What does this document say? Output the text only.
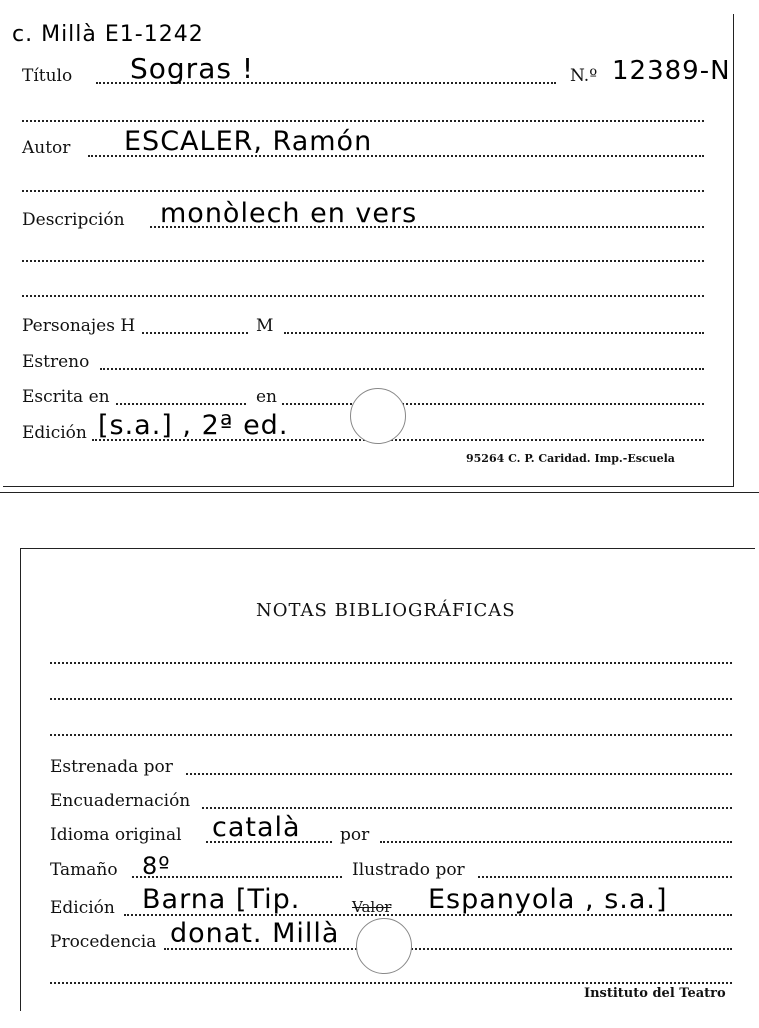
c. Millà E1-1242
Título Sogras !	N.º 12389-N
Autor ESCALER, Ramón
Descripción monòlech en vers
Personajes H	M
Estreno
Escrita en	en
Edición [s.a.] , 2ª ed.
95264 C. P. Caridad. Imp.-Escuela
NOTAS BIBLIOGRÁFICAS
Estrenada por
Encuadernación
Idioma original català por
Tamaño 8º	Ilustrado por
Edición Barna [Tip.	Valor Espanyola , s.a.]
Procedencia donat. Millà
Instituto del Teatro
